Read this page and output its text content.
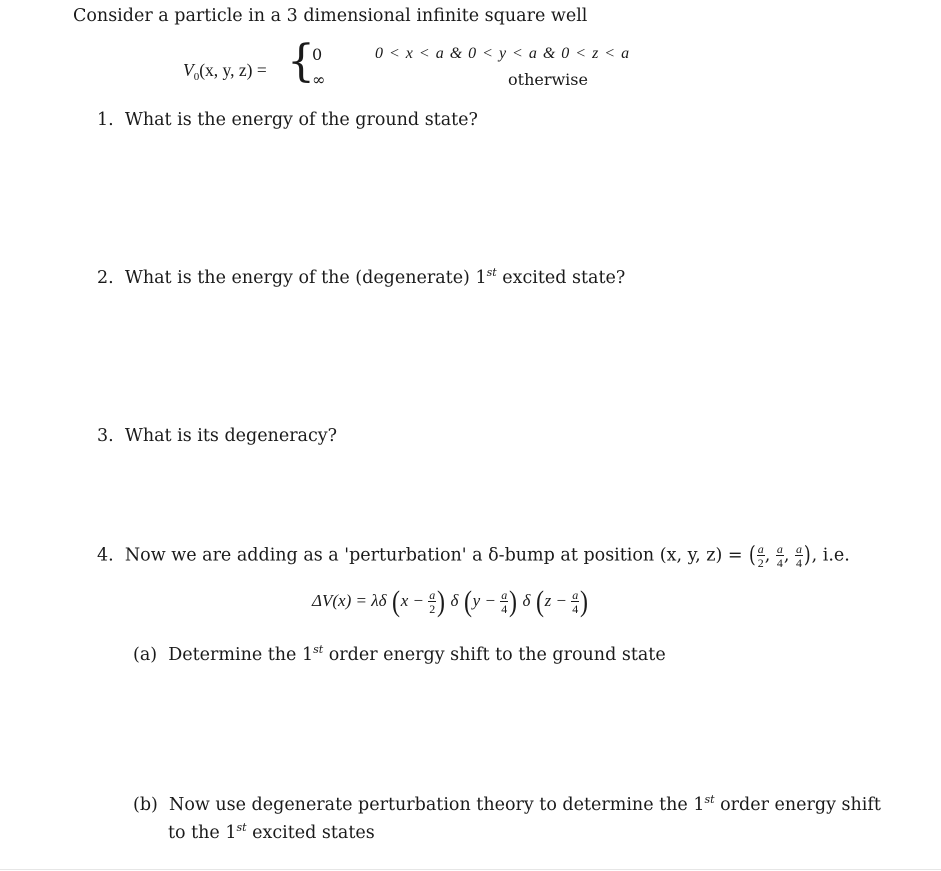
Consider a particle in a 3 dimensional infinite square well
$V_0(x$, y, z) = {
0	0 < x < a & 0 < y < a & 0 < z < a
∞	otherwise
1. What is the energy of the ground state?
2. What is the energy of the (degenerate) 1st excited state?
3. What is its degeneracy?
4. Now we are adding as a 'perturbation' a δ-bump at position (x, y, z) = ( $\frac{a}{2}$ , $\frac{a}{4}$ , $\frac{a}{4}$ ), i.e.
ΔV(x) = λδ ($x - \frac{a}{2}$ ) δ ($y - \frac{a}{4}$ ) δ ($z - \frac{a}{4}$ )
(a) Determine the 1st order energy shift to the ground state
(b) Now use degenerate perturbation theory to determine the 1st order energy shift
to the 1st excited states
